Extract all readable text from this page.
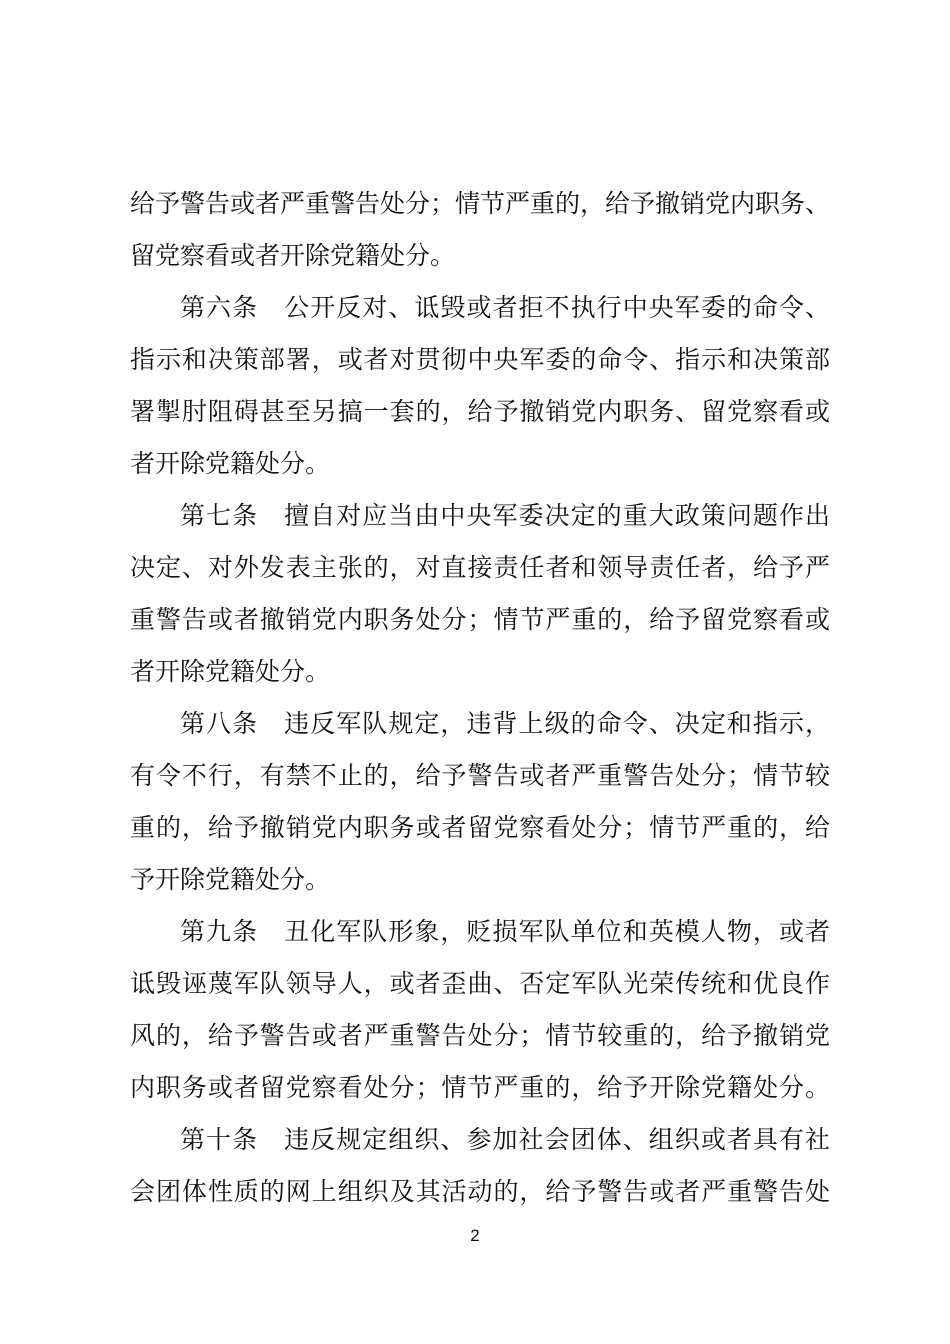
给予警告或者严重警告处分；情节严重的，给予撤销党内职务、
留党察看或者开除党籍处分。
第六条　公开反对、诋毁或者拒不执行中央军委的命令、
指示和决策部署，或者对贯彻中央军委的命令、指示和决策部
署掣肘阻碍甚至另搞一套的，给予撤销党内职务、留党察看或
者开除党籍处分。
第七条　擅自对应当由中央军委决定的重大政策问题作出
决定、对外发表主张的，对直接责任者和领导责任者，给予严
重警告或者撤销党内职务处分；情节严重的，给予留党察看或
者开除党籍处分。
第八条　违反军队规定，违背上级的命令、决定和指示，
有令不行，有禁不止的，给予警告或者严重警告处分；情节较
重的，给予撤销党内职务或者留党察看处分；情节严重的，给
予开除党籍处分。
第九条　丑化军队形象，贬损军队单位和英模人物，或者
诋毁诬蔑军队领导人，或者歪曲、否定军队光荣传统和优良作
风的，给予警告或者严重警告处分；情节较重的，给予撤销党
内职务或者留党察看处分；情节严重的，给予开除党籍处分。
第十条　违反规定组织、参加社会团体、组织或者具有社
会团体性质的网上组织及其活动的，给予警告或者严重警告处
2
